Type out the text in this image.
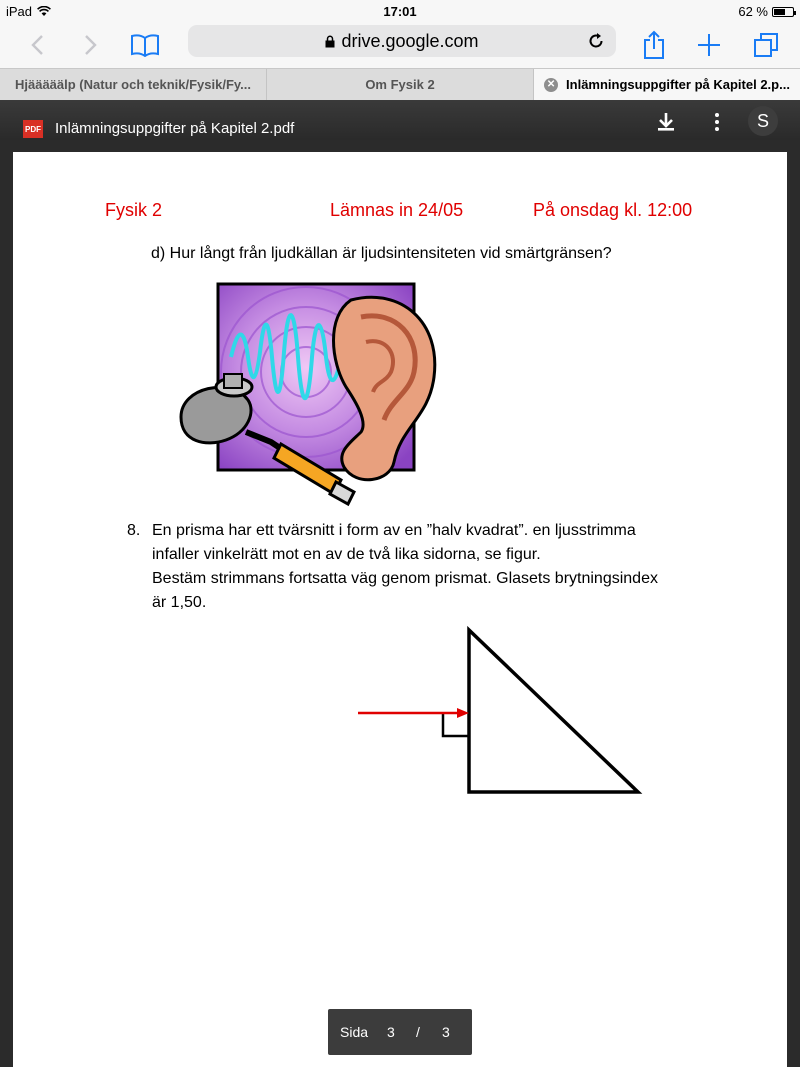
iPad	17:01	62 %
drive.google.com
Hjääääälp (Natur och teknik/Fysik/Fy...	Om Fysik 2	✕ Inlämningsuppgifter på Kapitel 2.p...
PDF Inlämningsuppgifter på Kapitel 2.pdf	S
Fysik 2	Lämnas in 24/05	På onsdag kl. 12:00
d) Hur långt från ljudkällan är ljudsintensiteten vid smärtgränsen?
8. En prisma har ett tvärsnitt i form av en ”halv kvadrat”. en ljusstrimma
infaller vinkelrätt mot en av de två lika sidorna, se figur.
Bestäm strimmans fortsatta väg genom prismat. Glasets brytningsindex
är 1,50.
Sida 3 / 3
